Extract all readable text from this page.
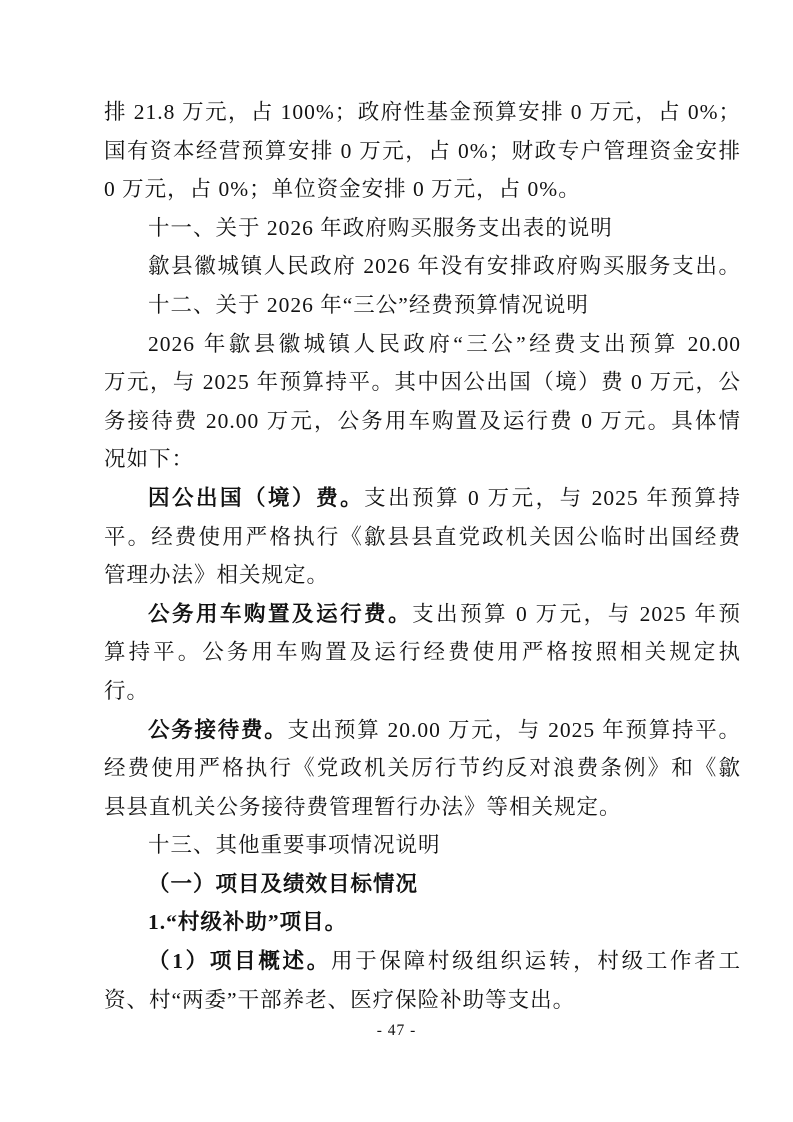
排 21.8 万元，占 100%；政府性基金预算安排 0 万元，占 0%；
国有资本经营预算安排 0 万元，占 0%；财政专户管理资金安排
0 万元，占 0%；单位资金安排 0 万元，占 0%。
十一、关于 2026 年政府购买服务支出表的说明
歙县徽城镇人民政府 2026 年没有安排政府购买服务支出。
十二、关于 2026 年“三公”经费预算情况说明
2026 年歙县徽城镇人民政府“三公”经费支出预算 20.00
万元，与 2025 年预算持平。其中因公出国（境）费 0 万元，公
务接待费 20.00 万元，公务用车购置及运行费 0 万元。具体情
况如下：
因公出国（境）费。支出预算 0 万元，与 2025 年预算持
平。经费使用严格执行《歙县县直党政机关因公临时出国经费
管理办法》相关规定。
公务用车购置及运行费。支出预算 0 万元，与 2025 年预
算持平。公务用车购置及运行经费使用严格按照相关规定执
行。
公务接待费。支出预算 20.00 万元，与 2025 年预算持平。
经费使用严格执行《党政机关厉行节约反对浪费条例》和《歙
县县直机关公务接待费管理暂行办法》等相关规定。
十三、其他重要事项情况说明
（一）项目及绩效目标情况
1.“村级补助”项目。
（1）项目概述。用于保障村级组织运转，村级工作者工
资、村“两委”干部养老、医疗保险补助等支出。
- 47 -
